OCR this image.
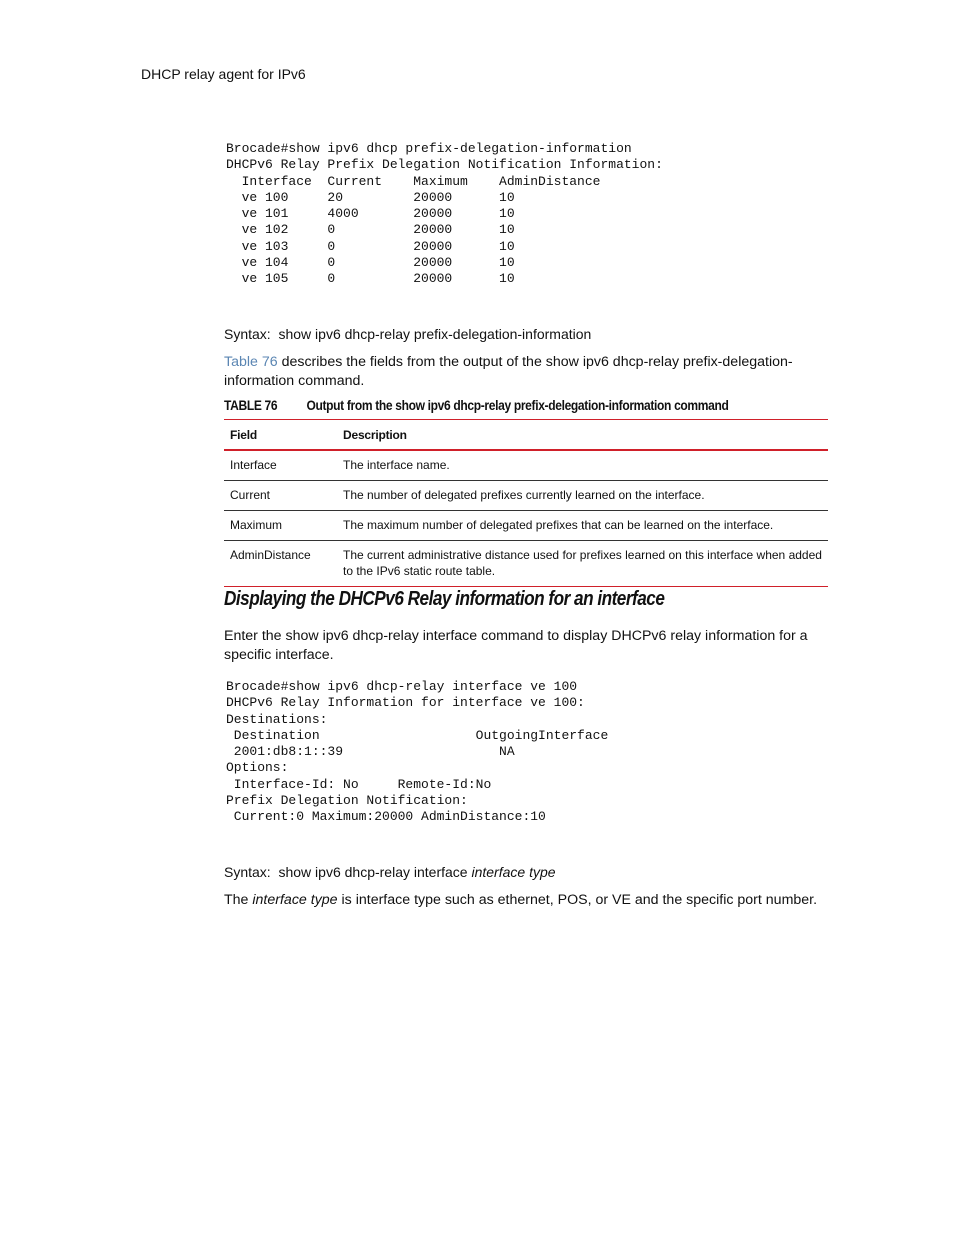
DHCP relay agent for IPv6
Brocade#show ipv6 dhcp prefix-delegation-information
DHCPv6 Relay Prefix Delegation Notification Information:
Interface  Current    Maximum    AdminDistance
ve 100     20         20000      10
ve 101     4000       20000      10
ve 102     0          20000      10
ve 103     0          20000      10
ve 104     0          20000      10
ve 105     0          20000      10

Syntax: show ipv6 dhcp-relay prefix-delegation-information
Table 76 describes the fields from the output of the show ipv6 dhcp-relay prefix-delegation-information command.
TABLE 76 Output from the show ipv6 dhcp-relay prefix-delegation-information command
Field	Description
Interface	The interface name.
Current	The number of delegated prefixes currently learned on the interface.
Maximum	The maximum number of delegated prefixes that can be learned on the interface.
AdminDistance	The current administrative distance used for prefixes learned on this interface when added to the IPv6 static route table.
Displaying the DHCPv6 Relay information for an interface
Enter the show ipv6 dhcp-relay interface command to display DHCPv6 relay information for a specific interface.
Brocade#show ipv6 dhcp-relay interface ve 100
DHCPv6 Relay Information for interface ve 100:
Destinations:
Destination                    OutgoingInterface
2001:db8:1::39                    NA
Options:
Interface-Id: No     Remote-Id:No
Prefix Delegation Notification:
Current:0 Maximum:20000 AdminDistance:10

Syntax: show ipv6 dhcp-relay interface interface type
The interface type is interface type such as ethernet, POS, or VE and the specific port number.
